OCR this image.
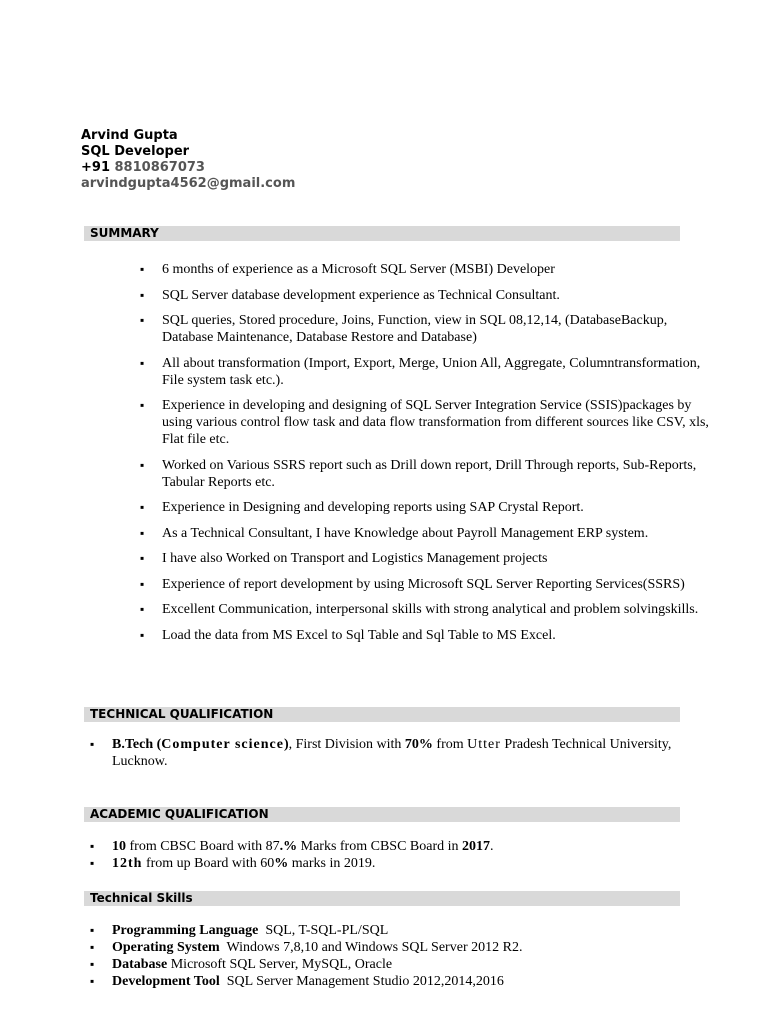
Arvind Gupta
SQL Developer
+91 8810867073
arvindgupta4562@gmail.com
SUMMARY
▪ 6 months of experience as a Microsoft SQL Server (MSBI) Developer
▪ SQL Server database development experience as Technical Consultant.
▪ SQL queries, Stored procedure, Joins, Function, view in SQL 08,12,14, (DatabaseBackup, Database Maintenance, Database Restore and Database)
▪ All about transformation (Import, Export, Merge, Union All, Aggregate, Columntransformation, File system task etc.).
▪ Experience in developing and designing of SQL Server Integration Service (SSIS)packages by using various control flow task and data flow transformation from different sources like CSV, xls, Flat file etc.
▪ Worked on Various SSRS report such as Drill down report, Drill Through reports, Sub-Reports, Tabular Reports etc.
▪ Experience in Designing and developing reports using SAP Crystal Report.
▪ As a Technical Consultant, I have Knowledge about Payroll Management ERP system.
▪ I have also Worked on Transport and Logistics Management projects
▪ Experience of report development by using Microsoft SQL Server Reporting Services(SSRS)
▪ Excellent Communication, interpersonal skills with strong analytical and problem solvingskills.
▪ Load the data from MS Excel to Sql Table and Sql Table to MS Excel.
TECHNICAL QUALIFICATION
▪ B.Tech (Computer science), First Division with 70% from Utter Pradesh Technical University, Lucknow.
ACADEMIC QUALIFICATION
▪ 10 from CBSC Board with 87.% Marks from CBSC Board in 2017.
▪ 12th from up Board with 60% marks in 2019.
Technical Skills
▪ Programming Language SQL, T-SQL-PL/SQL
▪ Operating System Windows 7,8,10 and Windows SQL Server 2012 R2.
▪ Database Microsoft SQL Server, MySQL, Oracle
▪ Development Tool SQL Server Management Studio 2012,2014,2016
